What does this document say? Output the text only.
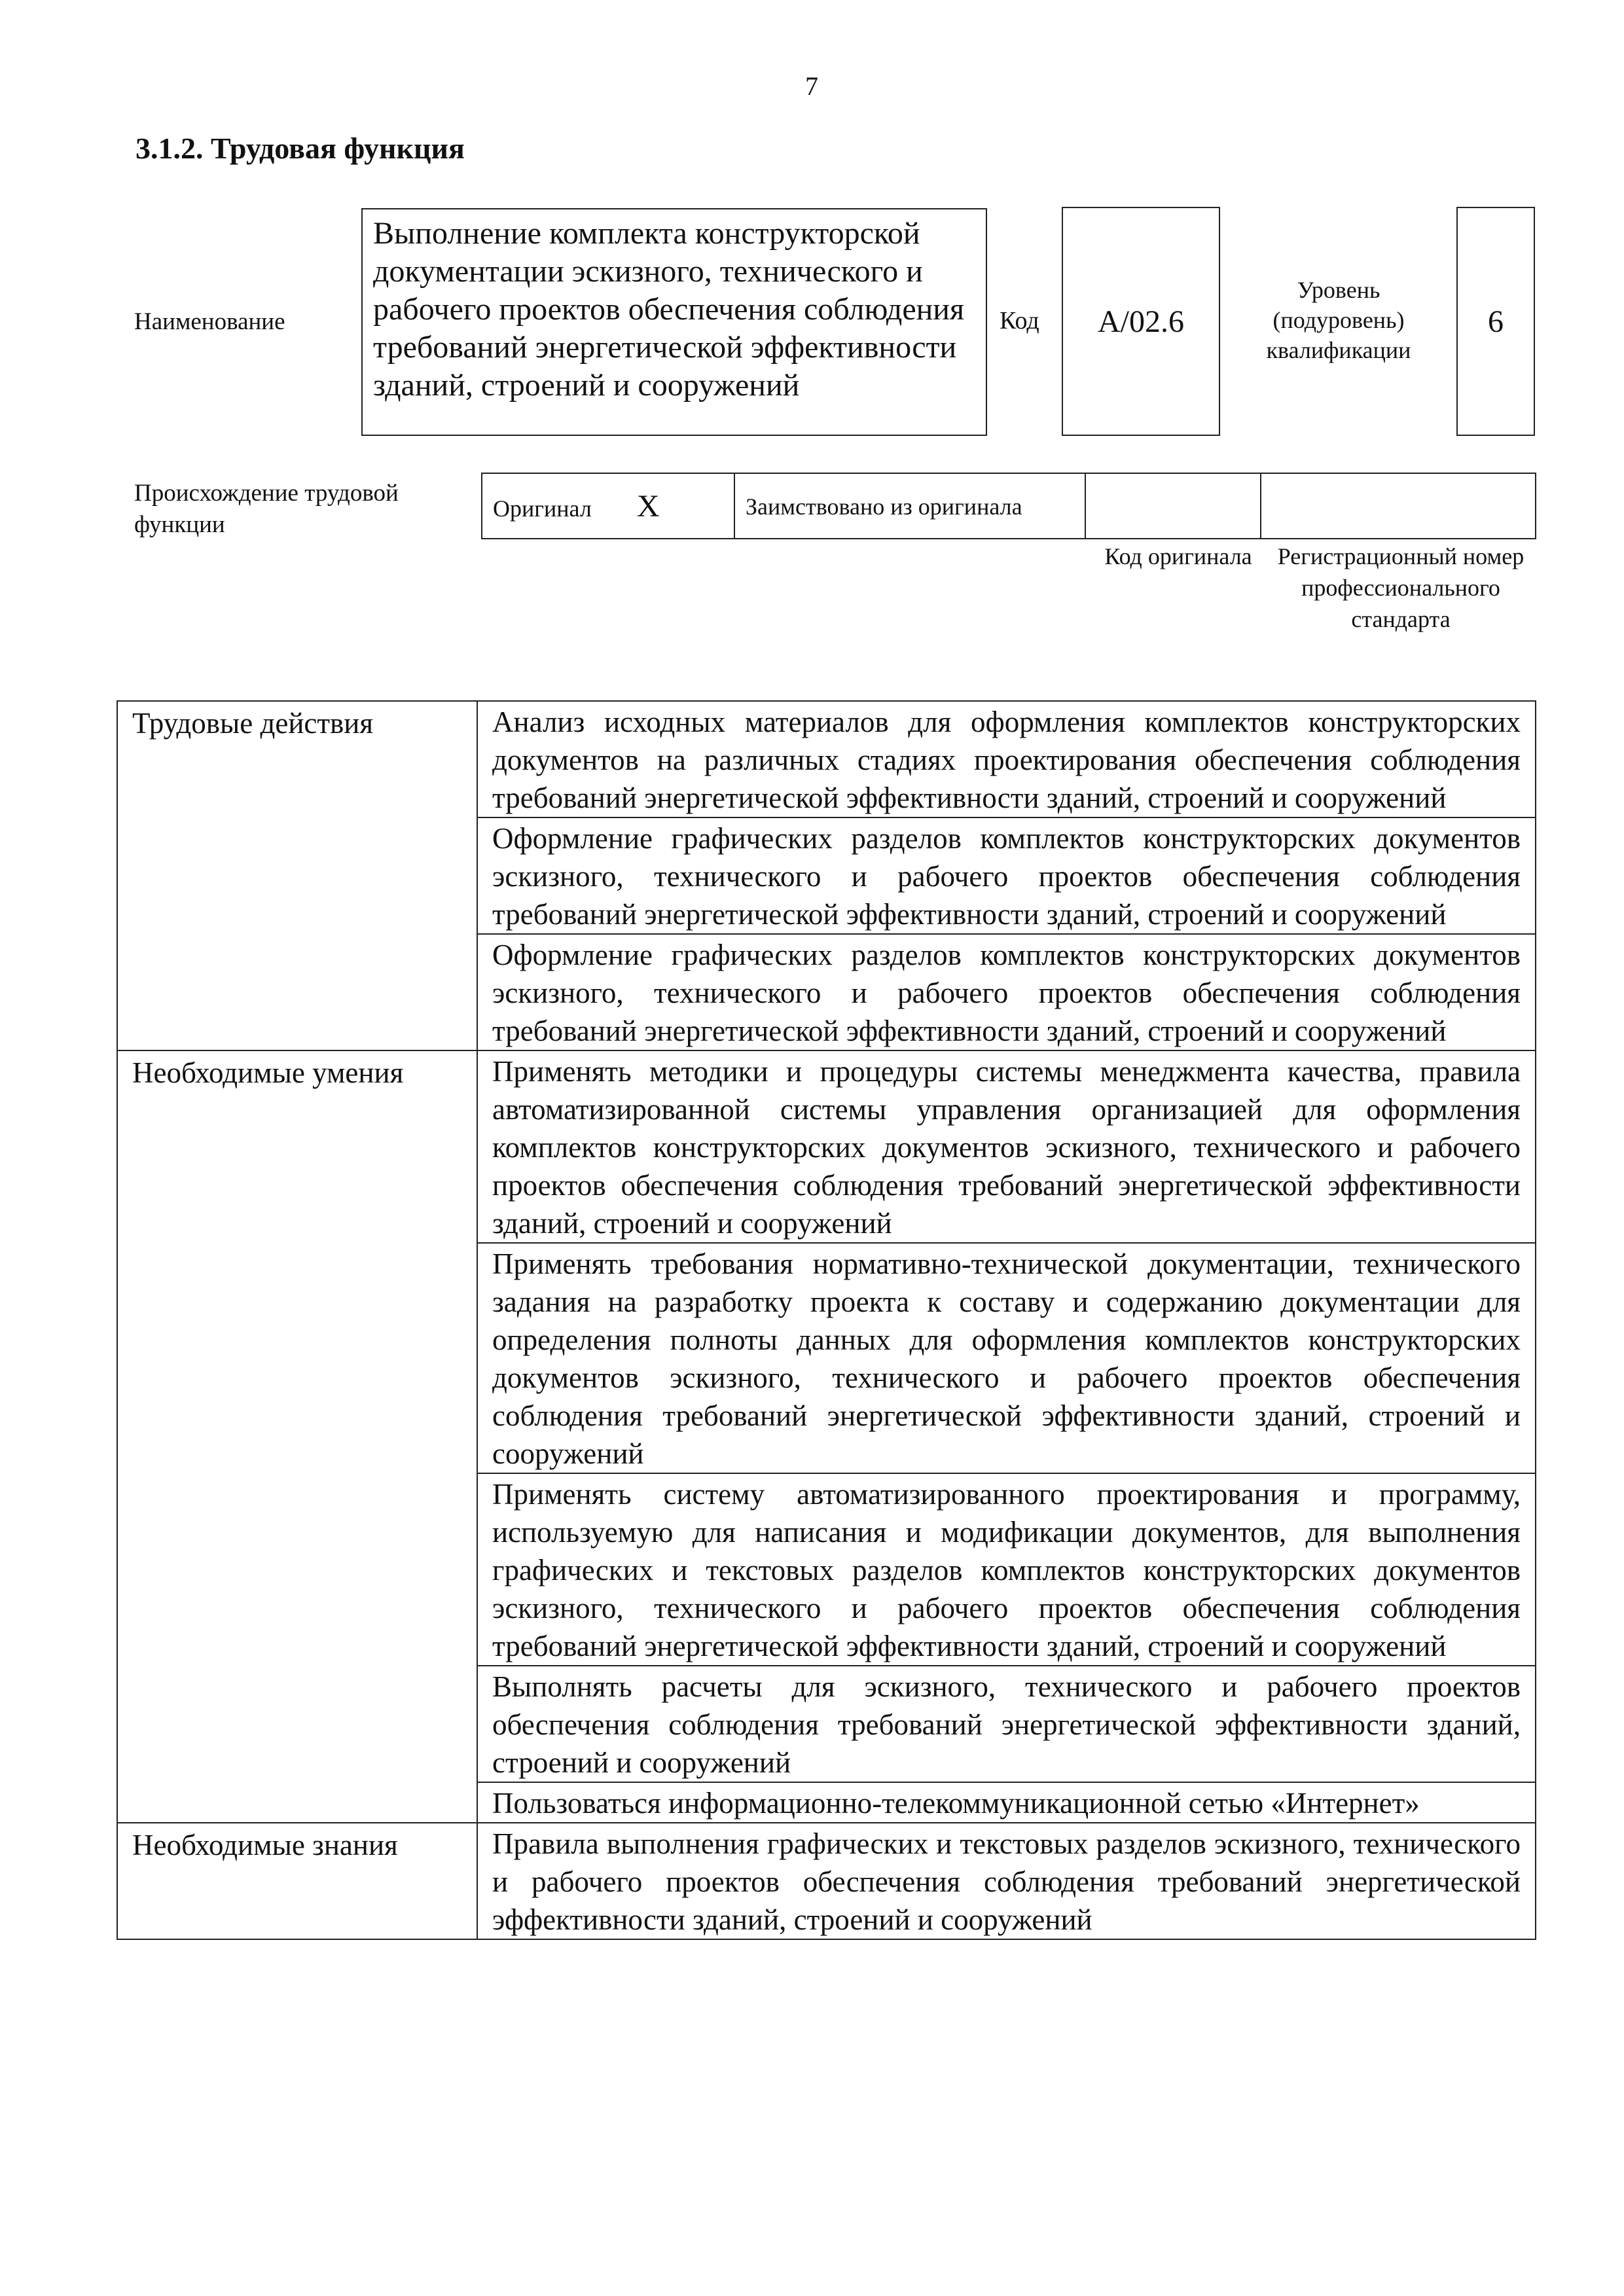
7
3.1.2. Трудовая функция
Наименование
Выполнение комплекта конструкторской документации эскизного, технического и рабочего проектов обеспечения соблюдения требований энергетической эффективности зданий, строений и сооружений
Код A/02.6
Уровень (подуровень) квалификации
6
Происхождение трудовой функции
Оригинал X	Заимствовано из оригинала		
Код оригинала	Регистрационный номер профессионального стандарта
Трудовые действия	Анализ исходных материалов для оформления комплектов конструкторских документов на различных стадиях проектирования обеспечения соблюдения требований энергетической эффективности зданий, строений и сооружений
	Оформление графических разделов комплектов конструкторских документов эскизного, технического и рабочего проектов обеспечения соблюдения требований энергетической эффективности зданий, строений и сооружений
	Оформление графических разделов комплектов конструкторских документов эскизного, технического и рабочего проектов обеспечения соблюдения требований энергетической эффективности зданий, строений и сооружений
Необходимые умения	Применять методики и процедуры системы менеджмента качества, правила автоматизированной системы управления организацией для оформления комплектов конструкторских документов эскизного, технического и рабочего проектов обеспечения соблюдения требований энергетической эффективности зданий, строений и сооружений
	Применять требования нормативно-технической документации, технического задания на разработку проекта к составу и содержанию документации для определения полноты данных для оформления комплектов конструкторских документов эскизного, технического и рабочего проектов обеспечения соблюдения требований энергетической эффективности зданий, строений и сооружений
	Применять систему автоматизированного проектирования и программу, используемую для написания и модификации документов, для выполнения графических и текстовых разделов комплектов конструкторских документов эскизного, технического и рабочего проектов обеспечения соблюдения требований энергетической эффективности зданий, строений и сооружений
	Выполнять расчеты для эскизного, технического и рабочего проектов обеспечения соблюдения требований энергетической эффективности зданий, строений и сооружений
	Пользоваться информационно-телекоммуникационной сетью «Интернет»
Необходимые знания	Правила выполнения графических и текстовых разделов эскизного, технического и рабочего проектов обеспечения соблюдения требований энергетической эффективности зданий, строений и сооружений
